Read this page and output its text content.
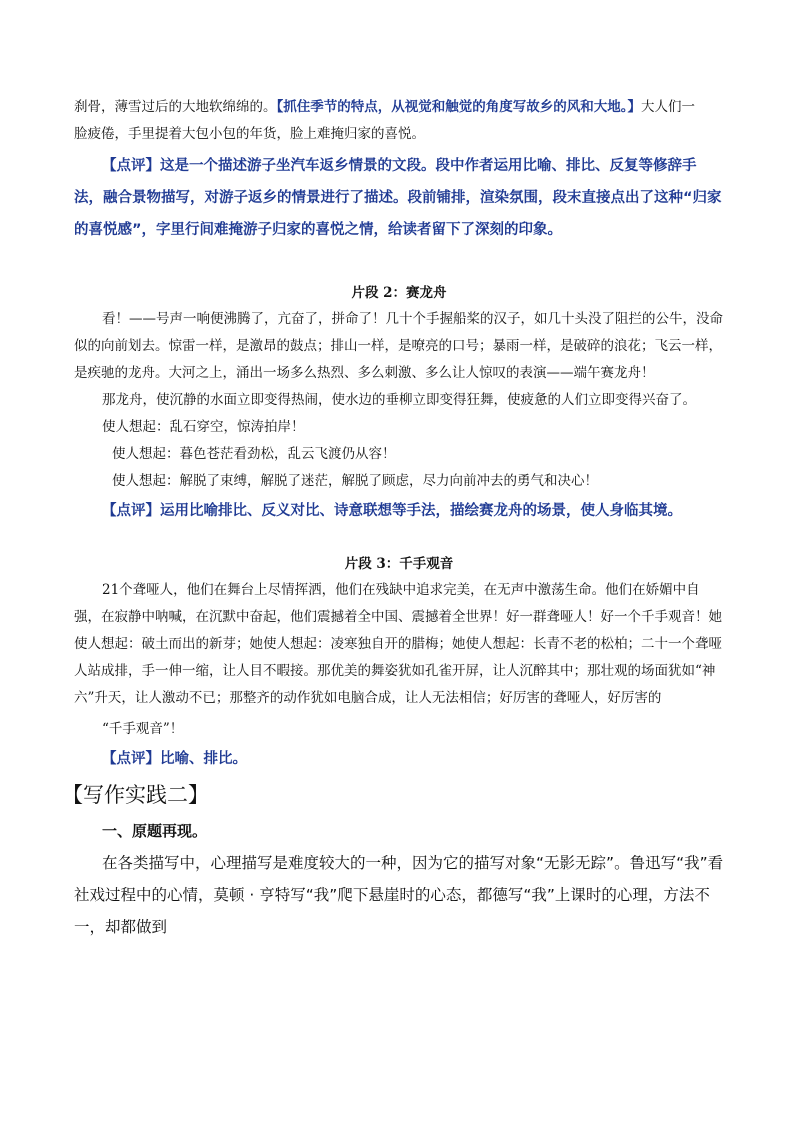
刹骨，薄雪过后的大地软绵绵的。【抓住季节的特点，从视觉和触觉的角度写故乡的风和大地。】大人们一

脸疲倦，手里提着大包小包的年货，脸上难掩归家的喜悦。

【点评】这是一个描述游子坐汽车返乡情景的文段。段中作者运用比喻、排比、反复等修辞手法，融合景物描写，对游子返乡的情景进行了描述。段前铺排，渲染氛围，段末直接点出了这种“归家的喜悦感”，字里行间难掩游子归家的喜悦之情，给读者留下了深刻的印象。

片段 2：赛龙舟

看！——号声一响便沸腾了，亢奋了，拼命了！几十个手握船桨的汉子，如几十头没了阻拦的公牛，没命似的向前划去。惊雷一样，是激昂的鼓点；排山一样，是嘹亮的口号；暴雨一样，是破碎的浪花；飞云一样，是疾驰的龙舟。大河之上，涌出一场多么热烈、多么刺激、多么让人惊叹的表演——端午赛龙舟！

那龙舟，使沉静的水面立即变得热闹，使水边的垂柳立即变得狂舞，使疲惫的人们立即变得兴奋了。

使人想起：乱石穿空，惊涛拍岸！

使人想起：暮色苍茫看劲松，乱云飞渡仍从容！

使人想起：解脱了束缚，解脱了迷茫，解脱了顾虑，尽力向前冲去的勇气和决心！

【点评】运用比喻排比、反义对比、诗意联想等手法，描绘赛龙舟的场景，使人身临其境。

片段 3：千手观音

21个聋哑人，他们在舞台上尽情挥洒，他们在残缺中追求完美，在无声中激荡生命。他们在娇媚中自强，在寂静中呐喊，在沉默中奋起，他们震撼着全中国、震撼着全世界！好一群聋哑人！好一个千手观音！她使人想起：破土而出的新芽；她使人想起：凌寒独自开的腊梅；她使人想起：长青不老的松柏；二十一个聋哑人站成排，手一伸一缩，让人目不暇接。那优美的舞姿犹如孔雀开屏，让人沉醉其中；那壮观的场面犹如“神六”升天，让人激动不已；那整齐的动作犹如电脑合成，让人无法相信；好厉害的聋哑人，好厉害的

“千手观音”！

【点评】比喻、排比。

【写作实践二】

一、原题再现。

在各类描写中，心理描写是难度较大的一种，因为它的描写对象“无影无踪”。鲁迅写“我”看社戏过程中的心情，莫顿 · 亨特写“我”爬下悬崖时的心态，都德写“我”上课时的心理，方法不一，却都做到
